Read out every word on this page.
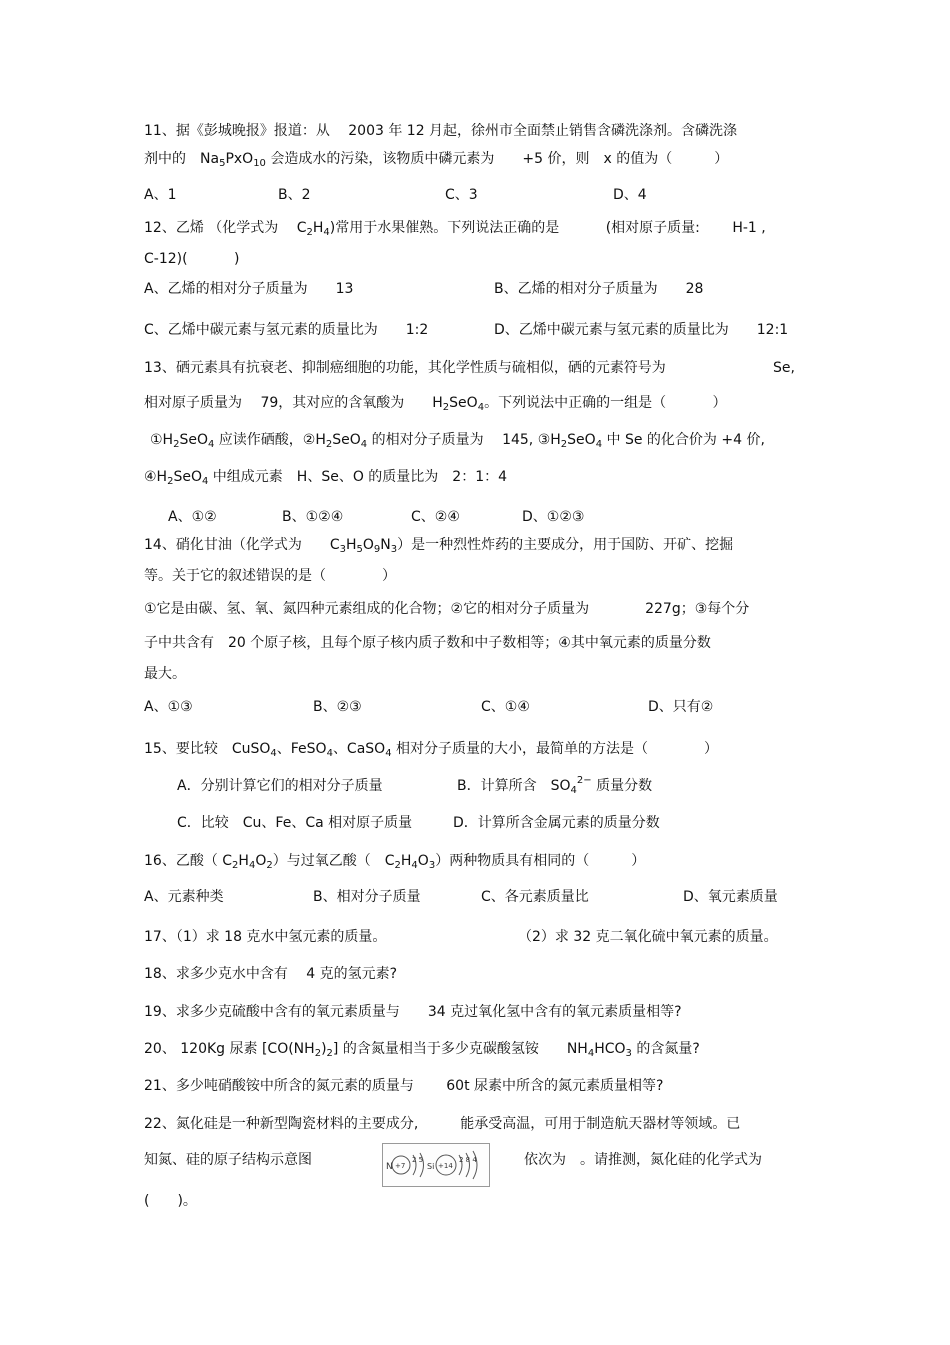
11、据《彭城晚报》报道：从　 2003 年 12 月起，徐州市全面禁止销售含磷洗涤剂。含磷洗涤
剂中的　$Na_5PxO_{10}$ 会造成水的污染，该物质中磷元素为　　+5 价，则　x 的值为（　　　）
A、1	B、2	C、3	D、4
12、乙烯 （化学式为　 $C_2H_4$)常用于水果催熟。下列说法正确的是　　　 (相对原子质量:　　 H-1 ,
C-12)(　　　 )
A、乙烯的相对分子质量为　　13	B、乙烯的相对分子质量为　　28
C、乙烯中碳元素与氢元素的质量比为　　1:2	D、乙烯中碳元素与氢元素的质量比为　　12:1
13、硒元素具有抗衰老、抑制癌细胞的功能，其化学性质与硫相似，硒的元素符号为	Se,
相对原子质量为　 79，其对应的含氧酸为　　$H_2SeO_4$。下列说法中正确的一组是（　　　 ）
$①H_2SeO_4$ 应读作硒酸，$②H_2SeO_4$ 的相对分子质量为　 145, $③H_2SeO_4$ 中 Se 的化合价为 +4 价,
$④H_2SeO_4$ 中组成元素　H、Se、O 的质量比为　2：1：4
A、①②	B、①②④	C、②④	D、①②③
14、硝化甘油（化学式为　　$C_3H_5O_9N_3$）是一种烈性炸药的主要成分，用于国防、开矿、挖掘
等。关于它的叙述错误的是（　　　　）
①它是由碳、氢、氧、氮四种元素组成的化合物；②它的相对分子质量为　　　　227g；③每个分
子中共含有　20 个原子核，且每个原子核内质子数和中子数相等；④其中氧元素的质量分数
最大。
A、①③	B、②③	C、①④	D、只有②
15、要比较　CuSO$_4$、FeSO$_4$、CaSO$_4$ 相对分子质量的大小，最简单的方法是（　　　　）
A．分别计算它们的相对分子质量	B．计算所含　$SO_4^{2-}$ 质量分数
C．比较　Cu、Fe、Ca 相对原子质量	D．计算所含金属元素的质量分数
16、乙酸（ $C_2H_4O_2$）与过氧乙酸（　$C_2H_4O_3$）两种物质具有相同的（　　　）
A、元素种类	B、相对分子质量	C、各元素质量比	D、氧元素质量
17、（1）求 18 克水中氢元素的质量。	（2）求 32 克二氧化硫中氧元素的质量。
18、求多少克水中含有　 4 克的氢元素?
19、求多少克硫酸中含有的氧元素质量与　　34 克过氧化氢中含有的氧元素质量相等?
20、 120Kg 尿素 $[CO(NH_2)_2]$ 的含氮量相当于多少克碳酸氢铵　　$NH_4HCO_3$ 的含氮量?
21、多少吨硝酸铵中所含的氮元素的质量与　　 60t 尿素中所含的氮元素质量相等?
22、氮化硅是一种新型陶瓷材料的主要成分,　　　能承受高温，可用于制造航天器材等领域。已
知氮、硅的原子结构示意图	N +7
2 5
Si +14
2 8 4	依次为　。请推测，氮化硅的化学式为
(　　)。
